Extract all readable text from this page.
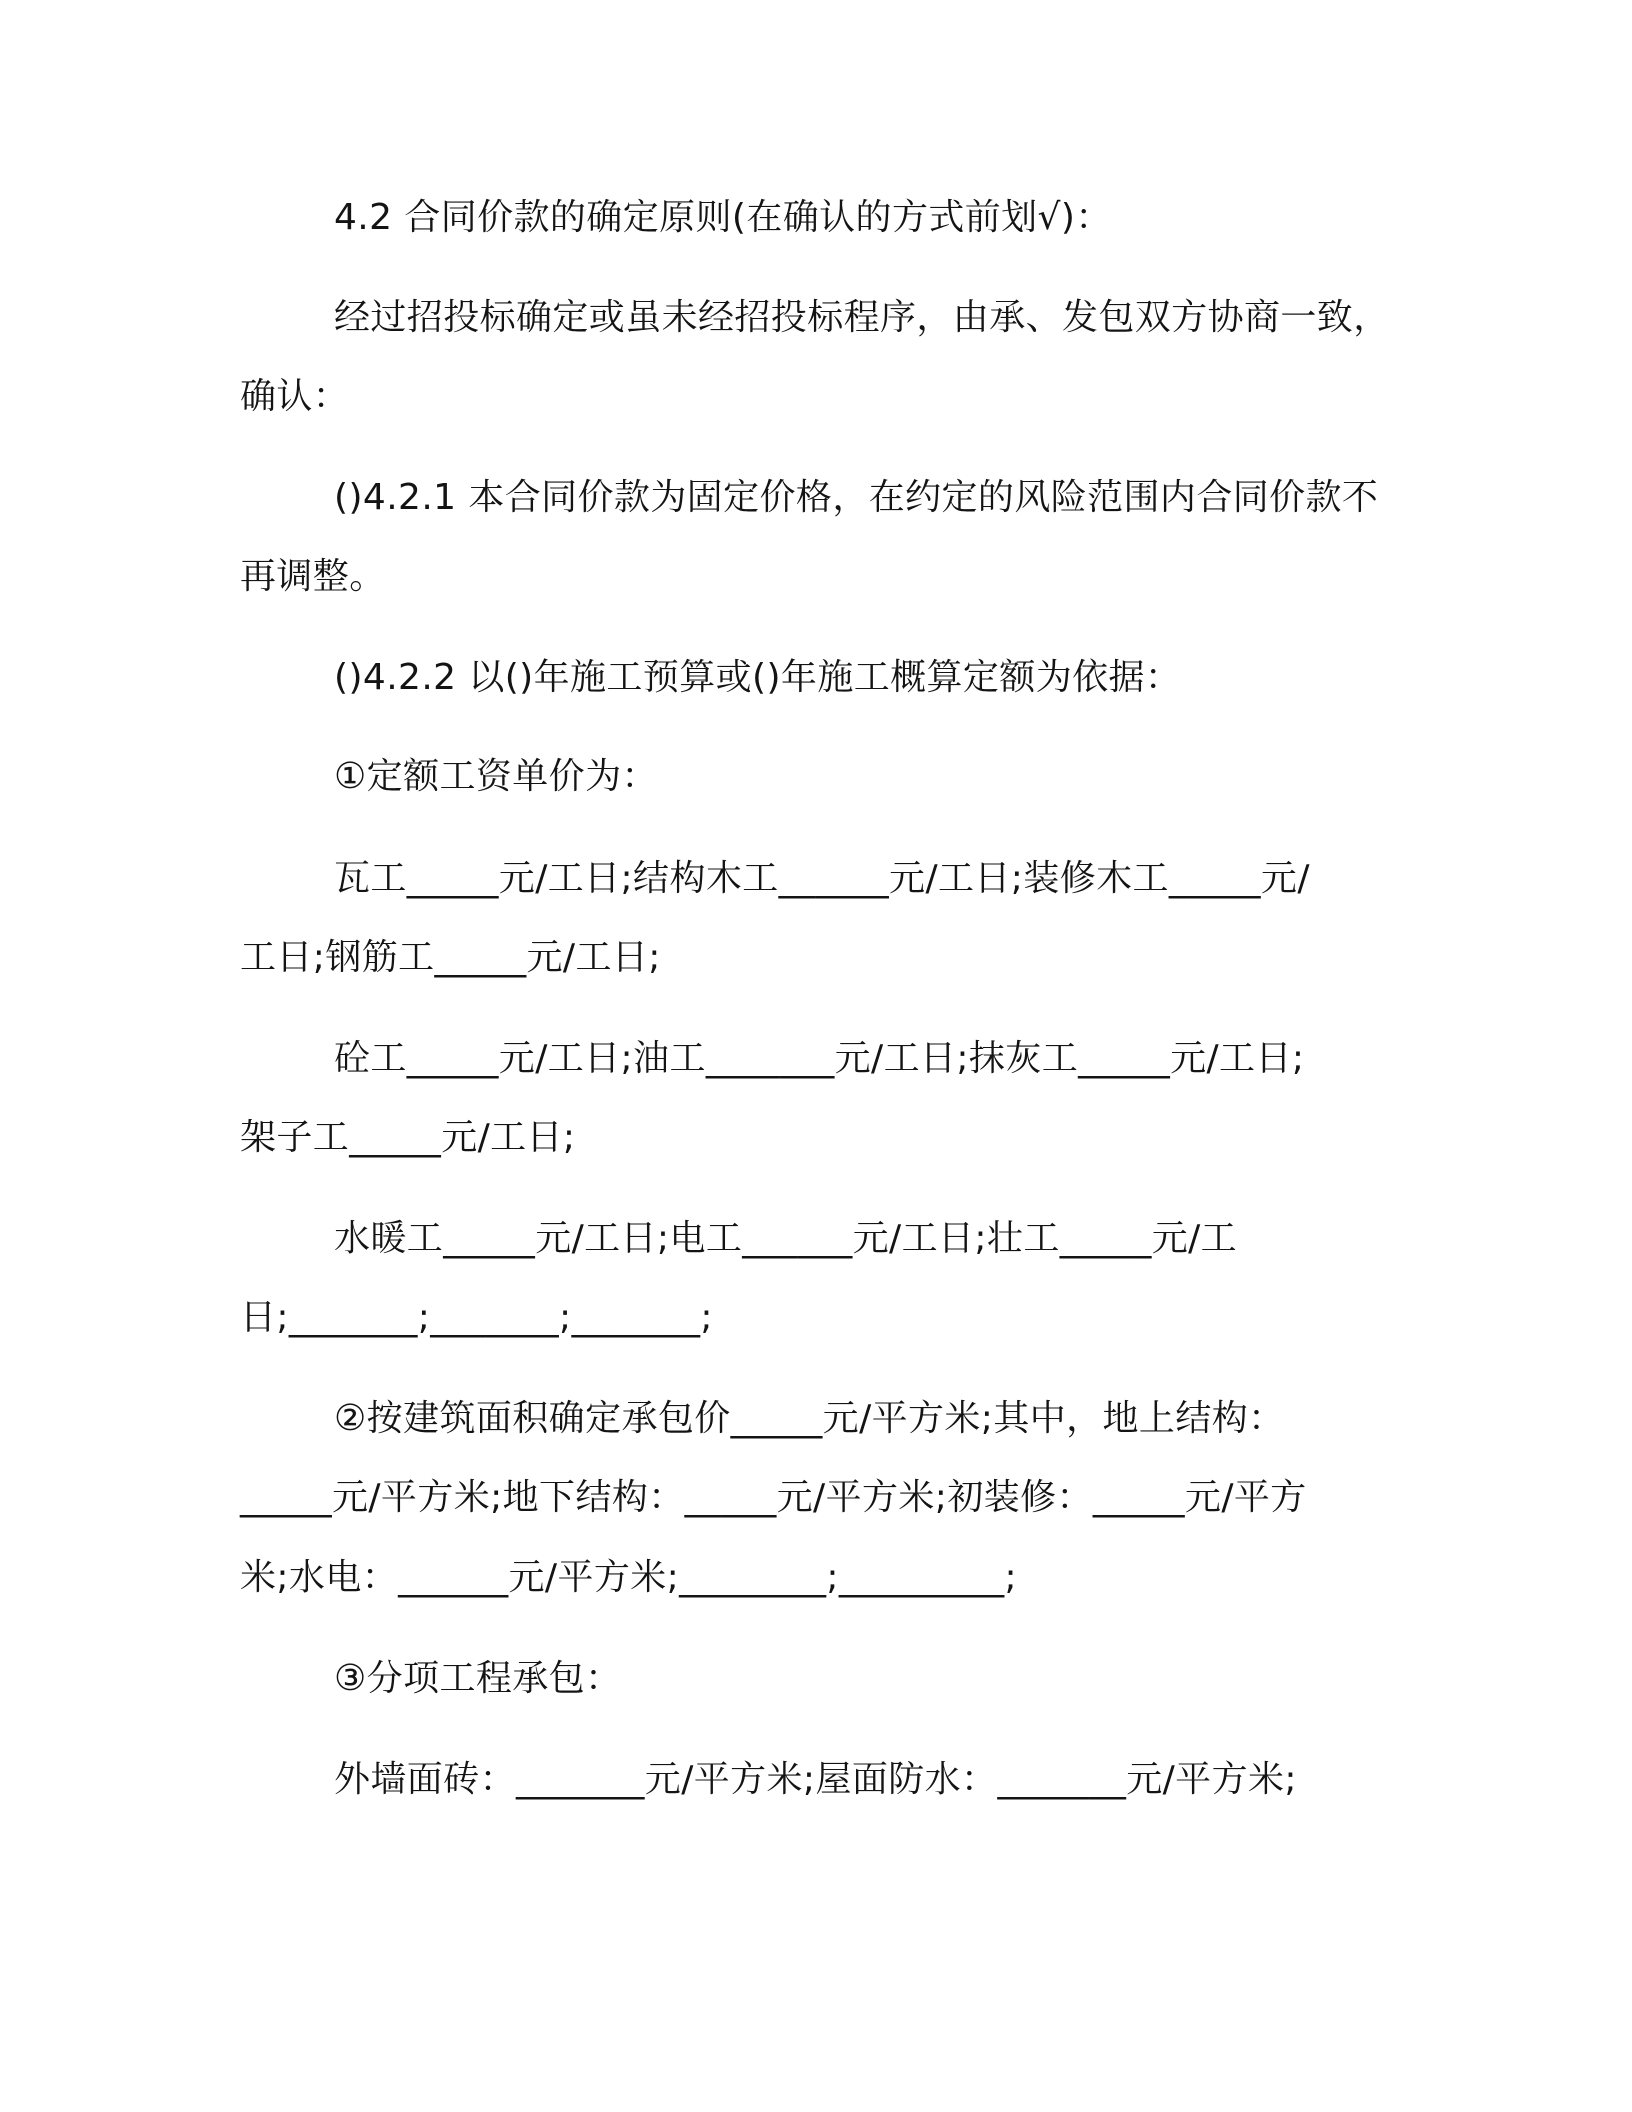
4.2 合同价款的确定原则(在确认的方式前划√)：
经过招投标确定或虽未经招投标程序，由承、发包双方协商一致，
确认：
()4.2.1 本合同价款为固定价格，在约定的风险范围内合同价款不
再调整。
()4.2.2 以()年施工预算或()年施工概算定额为依据：
①定额工资单价为：
瓦工_____元/工日;结构木工______元/工日;装修木工_____元/
工日;钢筋工_____元/工日;
砼工_____元/工日;油工_______元/工日;抹灰工_____元/工日;
架子工_____元/工日;
水暖工_____元/工日;电工______元/工日;壮工_____元/工
日;_______;_______;_______;
②按建筑面积确定承包价_____元/平方米;其中，地上结构：
_____元/平方米;地下结构：_____元/平方米;初装修：_____元/平方
米;水电：______元/平方米;________;_________;
③分项工程承包：
外墙面砖：_______元/平方米;屋面防水：_______元/平方米;
